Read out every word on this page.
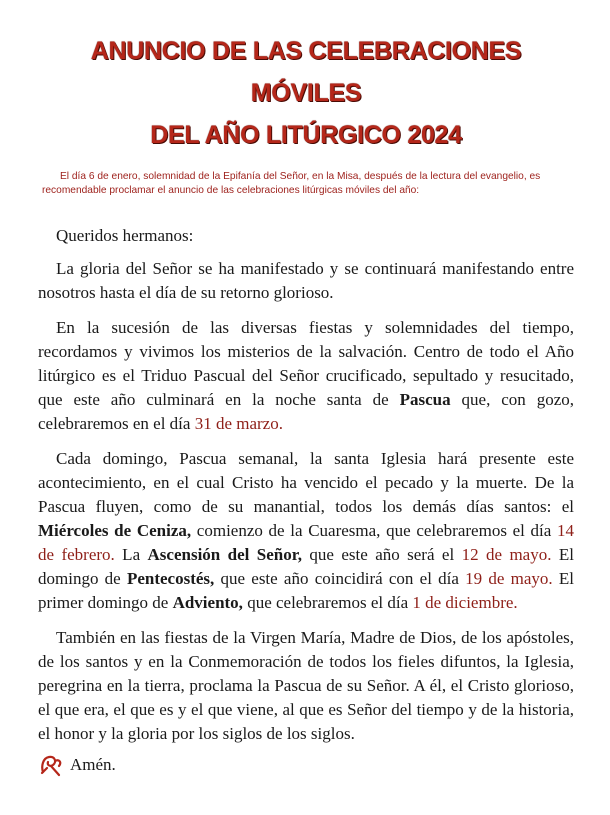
ANUNCIO DE LAS CELEBRACIONES MÓVILES
DEL AÑO LITÚRGICO 2024

El día 6 de enero, solemnidad de la Epifanía del Señor, en la Misa, después de la lectura del evangelio, es recomendable proclamar el anuncio de las celebraciones litúrgicas móviles del año:

Queridos hermanos:

La gloria del Señor se ha manifestado y se continuará manifestando entre nosotros hasta el día de su retorno glorioso.

En la sucesión de las diversas fiestas y solemnidades del tiempo, recordamos y vivimos los misterios de la salvación. Centro de todo el Año litúrgico es el Triduo Pascual del Señor crucificado, sepultado y resucitado, que este año culminará en la noche santa de Pascua que, con gozo, celebraremos en el día 31 de marzo.

Cada domingo, Pascua semanal, la santa Iglesia hará presente este acontecimiento, en el cual Cristo ha vencido el pecado y la muerte. De la Pascua fluyen, como de su manantial, todos los demás días santos: el Miércoles de Ceniza, comienzo de la Cuaresma, que celebraremos el día 14 de febrero. La Ascensión del Señor, que este año será el 12 de mayo. El domingo de Pentecostés, que este año coincidirá con el día 19 de mayo. El primer domingo de Adviento, que celebraremos el día 1 de diciembre.

También en las fiestas de la Virgen María, Madre de Dios, de los apóstoles, de los santos y en la Conmemoración de todos los fieles difuntos, la Iglesia, peregrina en la tierra, proclama la Pascua de su Señor. A él, el Cristo glorioso, el que era, el que es y el que viene, al que es Señor del tiempo y de la historia, el honor y la gloria por los siglos de los siglos.

Amén.
